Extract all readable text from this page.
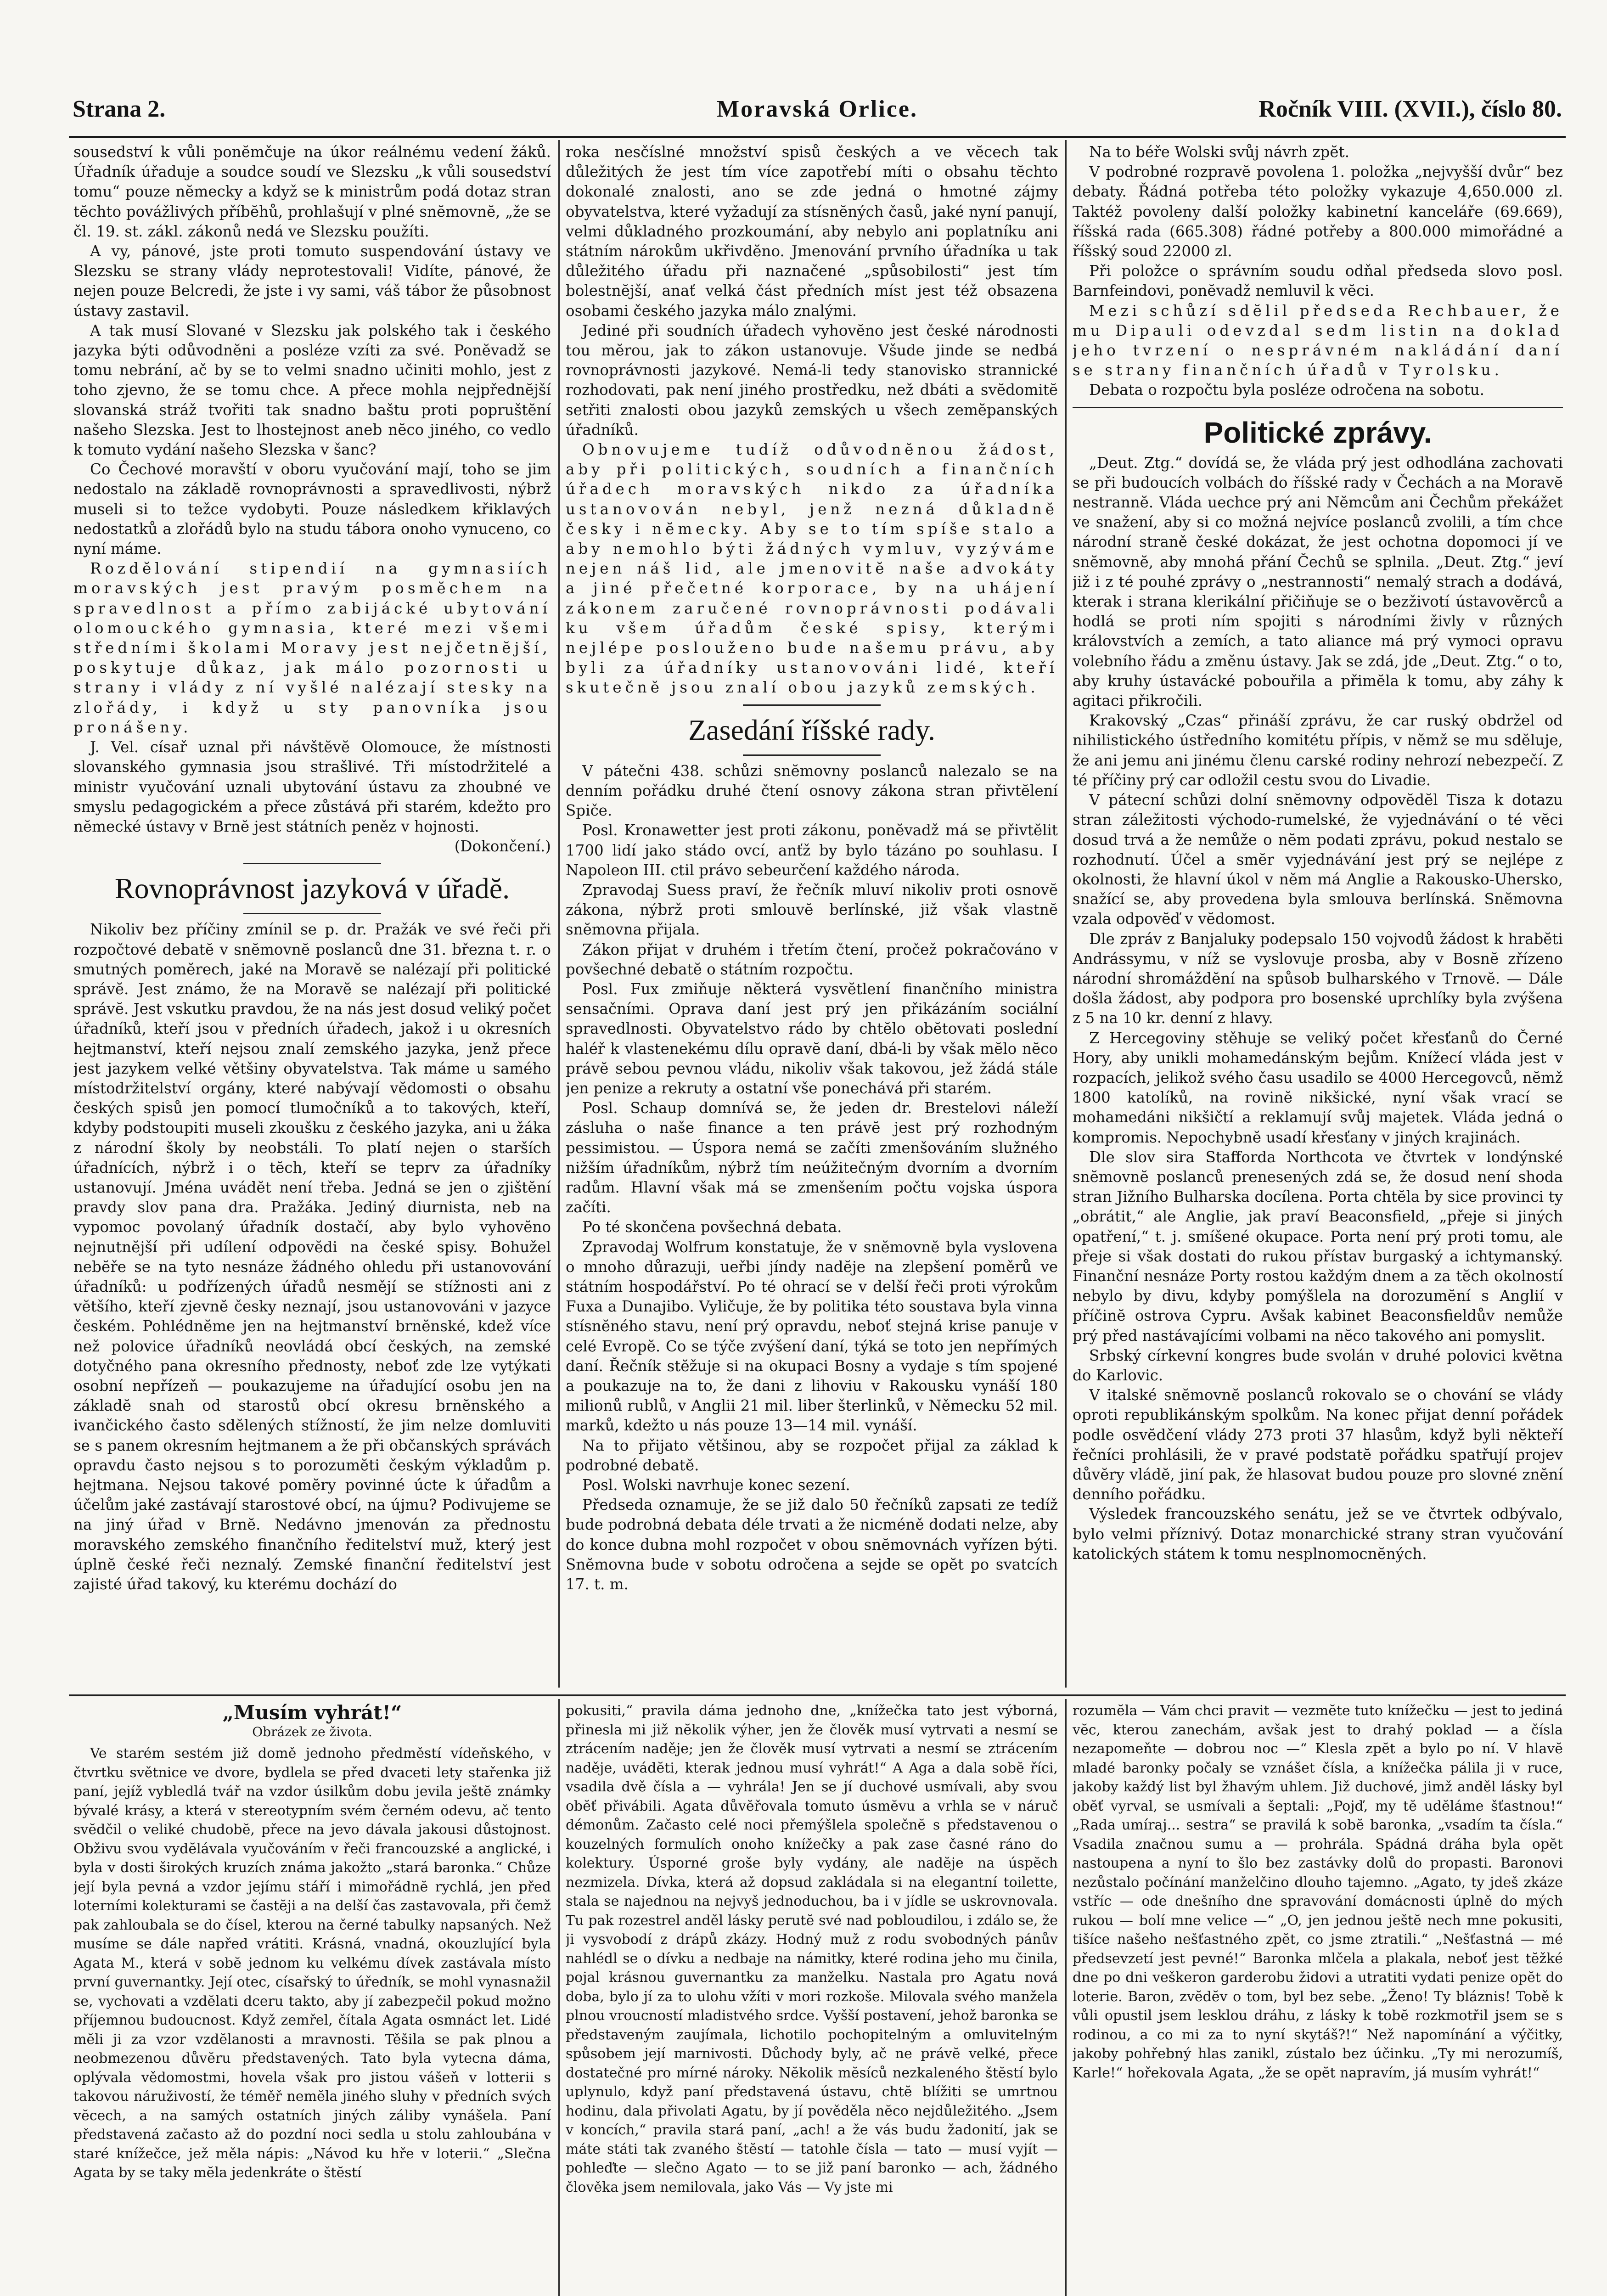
Strana 2.	Moravská Orlice.	Ročník VIII. (XVII.), číslo 80.

sousedství k vůli ponĕmčuje na úkor reálnému vedení žáků. Úřadník úřaduje a soudce soudí ve Slezsku „k vůli sousedství tomu“ pouze nĕmecky a když se k ministrům podá dotaz stran tĕchto povážlivých příbĕhů, prohlašují v plné snĕmovnĕ, „že se čl. 19. st. zákl. zákonů nedá ve Slezsku použíti.

A vy, pánové, jste proti tomuto suspendování ústavy ve Slezsku se strany vlády neprotestovali! Vidíte, pánové, že nejen pouze Belcredi, že jste i vy sami, váš tábor že působnost ústavy zastavil.

A tak musí Slované v Slezsku jak polského tak i českého jazyka býti odůvodnĕni a posléze vzíti za své. Ponĕvadž se tomu nebrání, ač by se to velmi snadno učiniti mohlo, jest z toho zjevno, že se tomu chce. A přece mohla nejpřednĕjší slovanská stráž tvořiti tak snadno baštu proti popruštĕní našeho Slezska. Jest to lhostejnost aneb nĕco jiného, co vedlo k tomuto vydání našeho Slezska v šanc?

Co Čechové moravští v oboru vyučování mají, toho se jim nedostalo na základĕ rovnoprávnosti a spravedlivosti, nýbrž museli si to težce vydobyti. Pouze následkem křiklavých nedostatků a zlořádů bylo na studu tábora onoho vynuceno, co nyní máme.

Rozdĕlování stipendií na gymnasiích moravských jest pravým posmĕchem na spravedlnost a přímo zabijácké ubytování olomouckého gymnasia, které mezi všemi středními školami Moravy jest nejčetnĕjší, poskytuje důkaz, jak málo pozornosti u strany i vlády z ní vyšlé nalézají stesky na zlořády, i když u sty panovníka jsou pronášeny.

J. Vel. císař uznal při návštĕvĕ Olomouce, že místnosti slovanského gymnasia jsou strašlivé. Tři místodržitelé a ministr vyučování uznali ubytování ústavu za zhoubné ve smyslu pedagogickém a přece zůstává při starém, kdežto pro nĕmecké ústavy v Brnĕ jest státních peněz v hojnosti.

(Dokončení.)

Rovnoprávnost jazyková v úřadĕ.

Nikoliv bez příčiny zmínil se p. dr. Pražák ve své řeči při rozpočtové debatĕ v snĕmovnĕ poslanců dne 31. března t. r. o smutných pomĕrech, jaké na Moravĕ se nalézají při politické správĕ. Jest známo, že na Moravĕ se nalézají při politické správĕ. Jest vskutku pravdou, že na nás jest dosud veliký počet úřadníků, kteří jsou v předních úřadech, jakož i u okresních hejtmanství, kteří nejsou znalí zemského jazyka, jenž přece jest jazykem velké většiny obyvatelstva. Tak máme u samého místodržitelství orgány, které nabývají vĕdomosti o obsahu českých spisů jen pomocí tlumočníků a to takových, kteří, kdyby podstoupiti museli zkoušku z českého jazyka, ani u žáka z národní školy by neobstáli. To platí nejen o starších úřadnících, nýbrž i o tĕch, kteří se teprv za úřadníky ustanovují. Jména uvádĕt není třeba. Jedná se jen o zjištĕní pravdy slov pana dra. Pražáka. Jediný diurnista, neb na vypomoc povolaný úřadník dostačí, aby bylo vyhovĕno nejnutnĕjší při udílení odpovĕdi na české spisy. Bohužel nebĕře se na tyto nesnáze žádného ohledu při ustanovování úřadníků: u podřízených úřadů nesmějí se stížnosti ani z vĕtšího, kteří zjevnĕ česky neznají, jsou ustanovováni v jazyce českém. Pohlédnĕme jen na hejtmanství brnĕnské, kdež více než polovice úřadníků neovládá obcí českých, na zemské dotyčného pana okresního přednosty, neboť zde lze vytýkati osobní nepřízeň — poukazujeme na úřadující osobu jen na základĕ snah od starostů obcí okresu brnĕnského a ivančického často sdĕlených stížností, že jim nelze domluviti se s panem okresním hejtmanem a že při občanských správách opravdu často nejsou s to porozumĕti českým výkladům p. hejtmana. Nejsou takové pomĕry povinné úcte k úřadům a účelům jaké zastávají starostové obcí, na újmu? Podivujeme se na jiný úřad v Brnĕ. Nedávno jmenován za přednostu moravského zemského finančního ředitelství muž, který jest úplnĕ české řeči neznalý. Zemské finanční ředitelství jest zajisté úřad takový, ku kterému dochází do

roka nesčíslné množství spisů českých a ve vĕcech tak důležitých že jest tím více zapotřebí míti o obsahu tĕchto dokonalé znalosti, ano se zde jedná o hmotné zájmy obyvatelstva, které vyžadují za stísnĕných časů, jaké nyní panují, velmi důkladného prozkoumání, aby nebylo ani poplatníku ani státním nárokům ukřivdĕno. Jmenování prvního úřadníka u tak důležitého úřadu při naznačené „spůsobilosti“ jest tím bolestnĕjší, anať velká část předních míst jest též obsazena osobami českého jazyka málo znalými.

Jediné při soudních úřadech vyhovĕno jest české národnosti tou mĕrou, jak to zákon ustanovuje. Všude jinde se nedbá rovnoprávnosti jazykové. Nemá-li tedy stanovisko strannické rozhodovati, pak není jiného prostředku, než dbáti a svĕdomitĕ setřiti znalosti obou jazyků zemských u všech zemĕpanských úřadníků.

Obnovujeme tudíž odůvodnĕnou žádost, aby při politických, soudních a finančních úřadech moravských nikdo za úřadníka ustanovován nebyl, jenž nezná důkladnĕ česky i nĕmecky. Aby se to tím spíše stalo a aby nemohlo býti žádných vymluv, vyzýváme nejen náš lid, ale jmenovitĕ naše advokáty a jiné přečetné korporace, by na uhájení zákonem zaručené rovnoprávnosti podávali ku všem úřadům české spisy, kterými nejlépe poslouženo bude našemu právu, aby byli za úřadníky ustanovováni lidé, kteří skutečnĕ jsou znalí obou jazyků zemských.

Zasedání říšské rady.

V pátečni 438. schůzi snĕmovny poslanců nalezalo se na denním pořádku druhé čtení osnovy zákona stran přivtĕlení Spiče.

Posl. Kronawetter jest proti zákonu, ponĕvadž má se přivtĕlit 1700 lidí jako stádo ovcí, anťž by bylo tázáno po souhlasu. I Napoleon III. ctil právo sebeurčení každého národa.

Zpravodaj Suess praví, že řečník mluví nikoliv proti osnovĕ zákona, nýbrž proti smlouvĕ berlínské, již však vlastnĕ snĕmovna přijala.

Zákon přijat v druhém i třetím čtení, pročež pokračováno v povšechné debatĕ o státním rozpočtu.

Posl. Fux zmiňuje nĕkterá vysvĕtlení finančního ministra sensačními. Oprava daní jest prý jen přikázáním sociální spravedlnosti. Obyvatelstvo rádo by chtĕlo obĕtovati poslední haléř k vlastenekému dílu opravĕ daní, dbá-li by však mĕlo nĕco právĕ sebou pevnou vládu, nikoliv však takovou, jež žádá stále jen penize a rekruty a ostatní vše ponechává při starém.

Posl. Schaup domnívá se, že jeden dr. Brestelovi náleží zásluha o naše finance a ten právĕ jest prý rozhodným pessimistou. — Úspora nemá se začíti zmenšováním služného nižším úřadníkům, nýbrž tím neúžitečným dvorním a dvorním radům. Hlavní však má se zmenšením počtu vojska úspora začíti.

Po té skončena povšechná debata.

Zpravodaj Wolfrum konstatuje, že v snĕmovnĕ byla vyslovena o mnoho důrazuji, ueřbi jíndy nadĕje na zlepšení poměrů ve státním hospodářství. Po té ohrací se v delší řeči proti výrokům Fuxa a Dunajibo. Vyličuje, že by politika této soustava byla vinna stísnĕného stavu, není prý opravdu, neboť stejná krise panuje v celé Evropĕ. Co se týče zvýšení daní, týká se toto jen nepřímých daní. Řečník stĕžuje si na okupaci Bosny a vydaje s tím spojené a poukazuje na to, že dani z lihoviu v Rakousku vynáší 180 milionů rublů, v Anglii 21 mil. liber šterlinků, v Německu 52 mil. marků, kdežto u nás pouze 13—14 mil. vynáší.

Na to přijato většinou, aby se rozpočet přijal za základ k podrobné debatĕ.

Posl. Wolski navrhuje konec sezení.

Předseda oznamuje, že se již dalo 50 řečníků zapsati ze tedíž bude podrobná debata déle trvati a že nicméně dodati nelze, aby do konce dubna mohl rozpočet v obou snĕmovnách vyřízen býti. Snĕmovna bude v sobotu odročena a sejde se opĕt po svatcích 17. t. m.

Na to béře Wolski svůj návrh zpĕt.

V podrobné rozpravĕ povolena 1. položka „nejvyšší dvůr“ bez debaty. Řádná potřeba této položky vykazuje 4,650.000 zl. Taktéž povoleny další položky kabinetní kanceláře (69.669), říšská rada (665.308) řádné potřeby a 800.000 mimořádné a říšský soud 22000 zl.

Při položce o správním soudu odňal předseda slovo posl. Barnfeindovi, ponĕvadž nemluvil k vĕci.

Mezi schůzí sdĕlil předseda Rechbauer, že mu Dipauli odevzdal sedm listin na doklad jeho tvrzení o nesprávném nakládání daní se strany finančních úřadů v Tyrolsku.

Debata o rozpočtu byla posléze odročena na sobotu.

Politické zprávy.

„Deut. Ztg.“ dovídá se, že vláda prý jest odhodlána zachovati se při budoucích volbách do říšské rady v Čechách a na Moravĕ nestrannĕ. Vláda uechce prý ani Nĕmcům ani Čechům překážet ve snažení, aby si co možná nejvíce poslanců zvolili, a tím chce národní straně české dokázat, že jest ochotna dopomoci jí ve snĕmovnĕ, aby mnohá přání Čechů se splnila. „Deut. Ztg.“ jeví již i z té pouhé zprávy o „nestrannosti“ nemalý strach a dodává, kterak i strana klerikální přičiňuje se o bezživotí ústavovĕrců a hodlá se proti ním spojiti s národními živly v různých královstvích a zemích, a tato aliance má prý vymoci opravu volebního řádu a zmĕnu ústavy. Jak se zdá, jde „Deut. Ztg.“ o to, aby kruhy ústavácké pobouřila a přimĕla k tomu, aby záhy k agitaci přikročili.

Krakovský „Czas“ přináší zprávu, že car ruský obdržel od nihilistického ústředního komitétu přípis, v nĕmž se mu sdĕluje, že ani jemu ani jinému členu carské rodiny nehrozí nebezpečí. Z té příčiny prý car odložil cestu svou do Livadie.

V pátecní schůzi dolní snĕmovny odpovĕdĕl Tisza k dotazu stran záležitosti východo-rumelské, že vyjednávání o té vĕci dosud trvá a že nemůže o nĕm podati zprávu, pokud nestalo se rozhodnutí. Účel a smĕr vyjednávání jest prý se nejlépe z okolnosti, že hlavní úkol v nĕm má Anglie a Rakousko-Uhersko, snažící se, aby provedena byla smlouva berlínská. Snĕmovna vzala odpovĕď v vĕdomost.

Dle zpráv z Banjaluky podepsalo 150 vojvodů žádost k hrabĕti Andrássymu, v níž se vyslovuje prosba, aby v Bosnĕ zřízeno národní shromáždĕní na spůsob bulharského v Trnovĕ. — Dále došla žádost, aby podpora pro bosenské uprchlíky byla zvýšena z 5 na 10 kr. denní z hlavy.

Z Hercegoviny stěhuje se veliký počet křesťanů do Černé Hory, aby unikli mohamedánským bejům. Knížecí vláda jest v rozpacích, jelikož svého času usadilo se 4000 Hercegovců, nĕmž 1800 katolíků, na rovinĕ nikšické, nyní však vrací se mohamedáni nikšičtí a reklamují svůj majetek. Vláda jedná o kompromis. Nepochybnĕ usadí křesťany v jiných krajinách.

Dle slov sira Stafforda Northcota ve čtvrtek v londýnské snĕmovnĕ poslanců prenesených zdá se, že dosud není shoda stran Jižního Bulharska docílena. Porta chtĕla by sice provinci ty „obrátit,“ ale Anglie, jak praví Beaconsfield, „přeje si jiných opatření,“ t. j. smíšené okupace. Porta není prý proti tomu, ale přeje si však dostati do rukou přístav burgaský a ichtymanský. Finanční nesnáze Porty rostou každým dnem a za tĕch okolností nebylo by divu, kdyby pomýšlela na dorozumĕní s Anglií v příčinĕ ostrova Cypru. Avšak kabinet Beaconsfieldův nemůže prý před nastávajícími volbami na nĕco takového ani pomyslit.

Srbský církevní kongres bude svolán v druhé polovici kvĕtna do Karlovic.

V italské snĕmovnĕ poslanců rokovalo se o chování se vlády oproti republikánským spolkům. Na konec přijat denní pořádek podle osvĕdčení vlády 273 proti 37 hlasům, když byli nĕkteří řečníci prohlásili, že v pravé podstatĕ pořádku spatřují projev důvĕry vládĕ, jiní pak, že hlasovat budou pouze pro slovné znĕní denního pořádku.

Výsledek francouzského senátu, jež se ve čtvrtek odbývalo, bylo velmi příznivý. Dotaz monarchické strany stran vyučování katolických státem k tomu nesplnomocnĕných.

„Musím vyhrát!“
Obrázek ze života.

Ve starém sestém již domě jednoho předměstí vídeňského, v čtvrtku světnice ve dvore, bydlela se před dvaceti lety stařenka již paní, jejíž vybledlá tvář na vzdor úsilkům dobu jevila ještĕ známky bývalé krásy, a která v stereotypním svém černém odevu, ač tento svĕdčil o veliké chudobĕ, přece na jevo dávala jakousi důstojnost. Obživu svou vydĕlávala vyučováním v řeči francouzské a anglické, i byla v dosti širokých kruzích známa jakožto „stará baronka.“ Chůze její byla pevná a vzdor jejímu stáří i mimořádnĕ rychlá, jen před loterními kolekturami se častĕji a na delší čas zastavovala, při čemž pak zahloubala se do čísel, kterou na černé tabulky napsaných. Než musíme se dále napřed vrátiti. Krásná, vnadná, okouzlující byla Agata M., která v sobĕ jednom ku velkému dívek zastávala místo první guvernantky. Její otec, císařský to úředník, se mohl vynasnažil se, vychovati a vzdĕlati dceru takto, aby jí zabezpečil pokud možno příjemnou budoucnost. Když zemřel, čítala Agata osmnáct let. Lidé mĕli ji za vzor vzdĕlanosti a mravnosti. Těšila se pak plnou a neobmezenou důvĕru představených. Tato byla vytecna dáma, oplývala vědomostmi, hovela však pro jistou vášeň v lotterii s takovou náruživostí, že téměř nemĕla jiného sluhy v předních svých vĕcech, a na samých ostatních jiných záliby vynášela. Paní představená začasto až do pozdní noci sedla u stolu zahloubána v staré knížečce, jež měla nápis: „Návod ku hře v loterii.“ „Slečna Agata by se taky mĕla jedenkráte o štĕstí

pokusiti,“ pravila dáma jednoho dne, „knížečka tato jest výborná, přinesla mi již nĕkolik výher, jen že člověk musí vytrvati a nesmí se ztrácením naděje; jen že člověk musí vytrvati a nesmí se ztrácením naděje, uvádĕti, kterak jednou musí vyhrát!“ A Aga a dala sobĕ říci, vsadila dvě čísla a — vyhrála! Jen se jí duchové usmívali, aby svou obĕť přivábili. Agata důvĕřovala tomuto úsmĕvu a vrhla se v náruč démonům. Začasto celé noci přemýšlela společnĕ s představenou o kouzelných formulích onoho knížečky a pak zase časné ráno do kolektury. Úsporné groše byly vydány, ale nadĕje na úspĕch nezmizela. Dívka, která až dopsud zakládala si na elegantní toilette, stala se najednou na nejvyš jednoduchou, ba i v jídle se uskrovnovala. Tu pak rozestrel anděl lásky perutĕ své nad pobloudilou, i zdálo se, že ji vysvobodí z drápů zkázy. Hodný muž z rodu svobodných pánův nahlédl se o dívku a nedbaje na námitky, které rodina jeho mu činila, pojal krásnou guvernantku za manželku. Nastala pro Agatu nová doba, bylo jí za to ulohu vžíti v mori rozkoše. Milovala svého manžela plnou vroucností mladistvého srdce. Vyšší postavení, jehož baronka se představeným zaujímala, lichotilo pochopitelným a omluvitelným spůsobem její marnivosti. Důchody byly, ač ne právĕ velké, přece dostatečné pro mírné nároky. Nĕkolik mĕsíců nezkaleného štĕstí bylo uplynulo, když paní představená ústavu, chtĕ blížiti se umrtnou hodinu, dala přivolati Agatu, by jí pověděla nĕco nejdůležitého. „Jsem v koncích,“ pravila stará paní, „ach! a že vás budu žadonití, jak se máte státi tak zvaného štĕstí — tatohle čísla — tato — musí vyjít — pohleďte — slečno Agato — to se již paní baronko — ach, žádného člověka jsem nemilovala, jako Vás — Vy jste mi

rozumĕla — Vám chci pravit — vezmĕte tuto knížečku — jest to jediná vĕc, kterou zanechám, avšak jest to drahý poklad — a čísla nezapomeňte — dobrou noc —“ Klesla zpĕt a bylo po ní. V hlavĕ mladé baronky počaly se vznášet čísla, a knížečka pálila ji v ruce, jakoby každý list byl žhavým uhlem. Již duchové, jimž anděl lásky byl obĕť vyrval, se usmívali a šeptali: „Pojď, my tĕ udĕláme šťastnou!“ „Rada umíraj... sestra“ se pravilá k sobĕ baronka, „vsadím ta čísla.“ Vsadila značnou sumu a — prohrála. Spádná dráha byla opĕt nastoupena a nyní to šlo bez zastávky dolů do propasti. Baronovi nezůstalo počínání manželčino dlouho tajemno. „Agato, ty jdeš zkáze vstříc — ode dnešního dne spravování domácnosti úplně do mých rukou — bolí mne velice —“ „O, jen jednou ještĕ nech mne pokusiti, tišíce našeho nešťastného zpĕt, co jsme ztratili.“ „Nešťastná — mé předsevzetí jest pevné!“ Baronka mlčela a plakala, neboť jest tĕžké dne po dni veškeron garderobu židovi a utratiti vydati penize opĕt do loterie. Baron, zvĕdĕv o tom, byl bez sebe. „Ženo! Ty bláznis! Tobě k vůli opustil jsem lesklou dráhu, z lásky k tobĕ rozkmotřil jsem se s rodinou, a co mi za to nyní skytáš?!“ Než napomínání a výčitky, jakoby pohřebný hlas zanikl, zústalo bez účinku. „Ty mi nerozumíš, Karle!“ hořekovala Agata, „že se opĕt napravím, já musím vyhrát!“
